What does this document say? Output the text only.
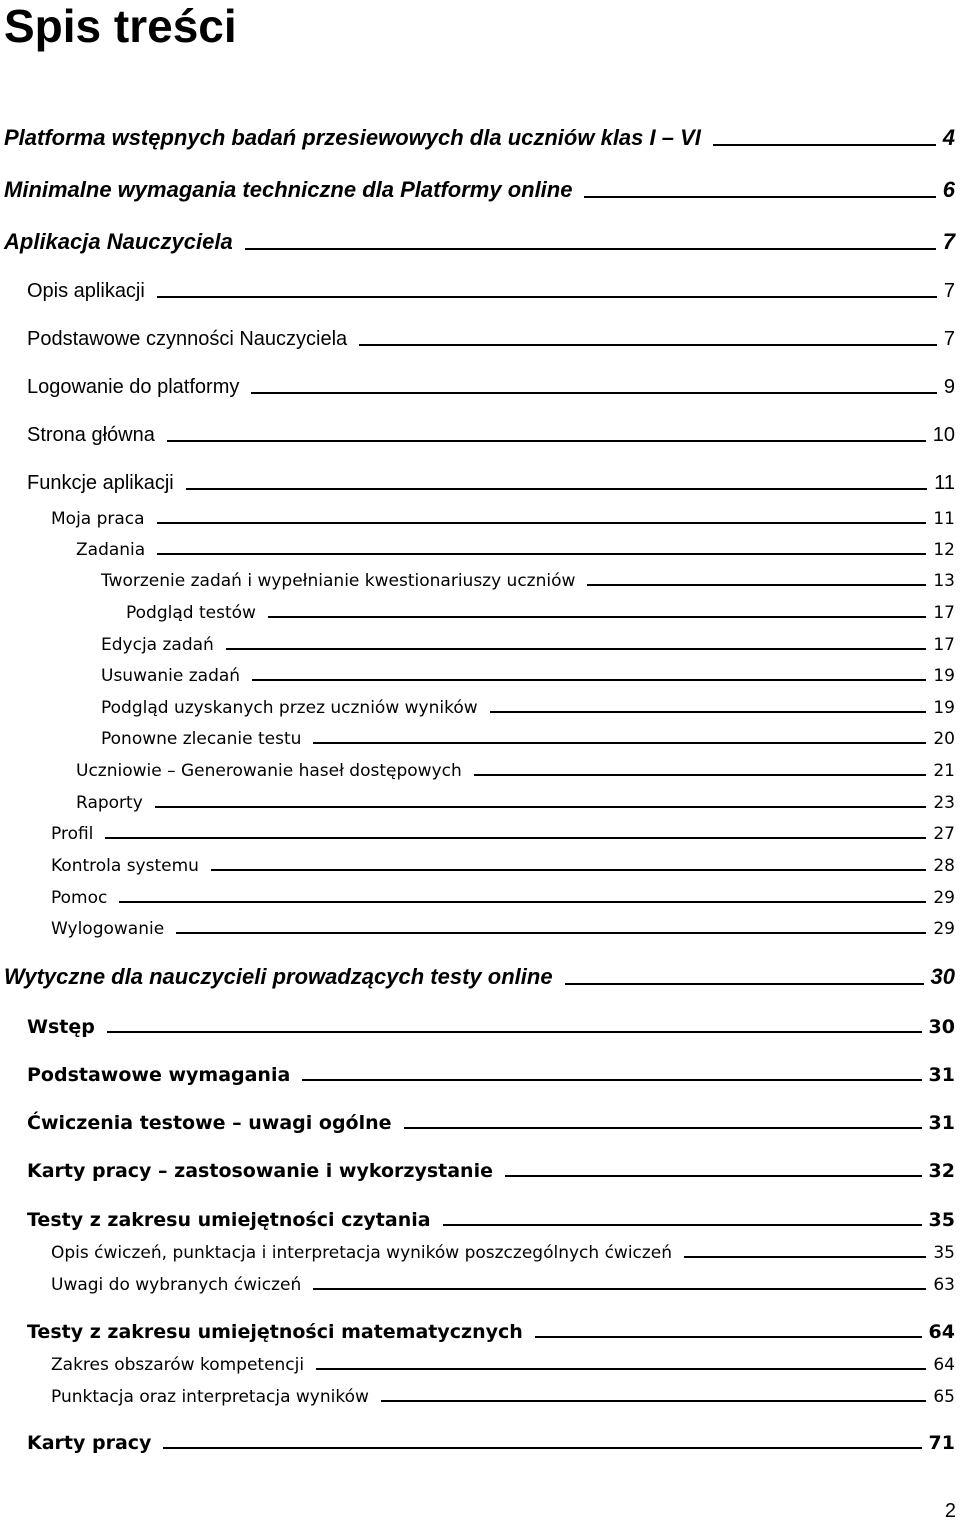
Spis treści
Platforma wstępnych badań przesiewowych dla uczniów klas I – VI	4
Minimalne wymagania techniczne dla Platformy online	6
Aplikacja Nauczyciela	7
Opis aplikacji	7
Podstawowe czynności Nauczyciela	7
Logowanie do platformy	9
Strona główna	10
Funkcje aplikacji	11
Moja praca	11
Zadania	12
Tworzenie zadań i wypełnianie kwestionariuszy uczniów	13
Podgląd testów	17
Edycja zadań	17
Usuwanie zadań	19
Podgląd uzyskanych przez uczniów wyników	19
Ponowne zlecanie testu	20
Uczniowie – Generowanie haseł dostępowych	21
Raporty	23
Profil	27
Kontrola systemu	28
Pomoc	29
Wylogowanie	29
Wytyczne dla nauczycieli prowadzących testy online	30
Wstęp	30
Podstawowe wymagania	31
Ćwiczenia testowe – uwagi ogólne	31
Karty pracy – zastosowanie i wykorzystanie	32
Testy z zakresu umiejętności czytania	35
Opis ćwiczeń, punktacja i interpretacja wyników poszczególnych ćwiczeń	35
Uwagi do wybranych ćwiczeń	63
Testy z zakresu umiejętności matematycznych	64
Zakres obszarów kompetencji	64
Punktacja oraz interpretacja wyników	65
Karty pracy	71
2
